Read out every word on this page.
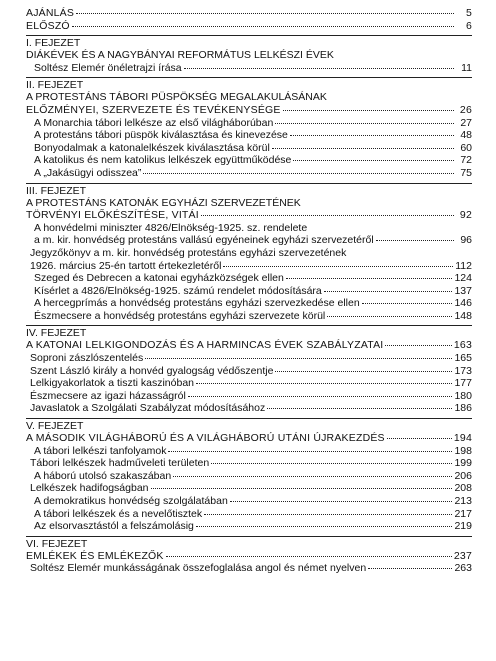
AJÁNLÁS	5
ELŐSZÓ	6
I. FEJEZET
DIÁKÉVEK ÉS A NAGYBÁNYAI REFORMÁTUS LELKÉSZI ÉVEK
Soltész Elemér önéletrajzi írása	11
II. FEJEZET
A PROTESTÁNS TÁBORI PÜSPÖKSÉG MEGALAKULÁSÁNAK
ELŐZMÉNYEI, SZERVEZETE ÉS TEVÉKENYSÉGE	26
A Monarchia tábori lelkésze az első világháborúban	27
A protestáns tábori püspök kiválasztása és kinevezése	48
Bonyodalmak a katonalelkészek kiválasztása körül	60
A katolikus és nem katolikus lelkészek együttműködése	72
A „Jakásügyi odisszea”	75
III. FEJEZET
A PROTESTÁNS KATONÁK EGYHÁZI SZERVEZETÉNEK
TÖRVÉNYI ELŐKÉSZÍTÉSE, VITÁI	92
A honvédelmi miniszter 4826/Elnökség-1925. sz. rendelete
a m. kir. honvédség protestáns vallású egyéneinek egyházi szervezetéről	96
Jegyzőkönyv a m. kir. honvédség protestáns egyházi szervezetének
1926. március 25-én tartott értekezletéről	112
Szeged és Debrecen a katonai egyházközségek ellen	124
Kísérlet a 4826/Elnökség-1925. számú rendelet módosítására	137
A hercegprímás a honvédség protestáns egyházi szervezkedése ellen	146
Észmecsere a honvédség protestáns egyházi szervezete körül	148
IV. FEJEZET
A KATONAI LELKIGONDOZÁS ÉS A HARMINCAS ÉVEK SZABÁLYZATAI	163
Soproni zászlószentelés	165
Szent László király a honvéd gyalogság védőszentje	173
Lelkigyakorlatok a tiszti kaszinóban	177
Észmecsere az igazi házasságról	180
Javaslatok a Szolgálati Szabályzat módosításához	186
V. FEJEZET
A MÁSODIK VILÁGHÁBORÚ ÉS A VILÁGHÁBORÚ UTÁNI ÚJRAKEZDÉS	194
A tábori lelkészi tanfolyamok	198
Tábori lelkészek hadműveleti területen	199
A háború utolsó szakaszában	206
Lelkészek hadifogságban	208
A demokratikus honvédség szolgálatában	213
A tábori lelkészek és a nevelőtisztek	217
Az elsorvasztástól a felszámolásig	219
VI. FEJEZET
EMLÉKEK ÉS EMLÉKEZŐK	237
Soltész Elemér munkásságának összefoglalása angol és német nyelven	263
